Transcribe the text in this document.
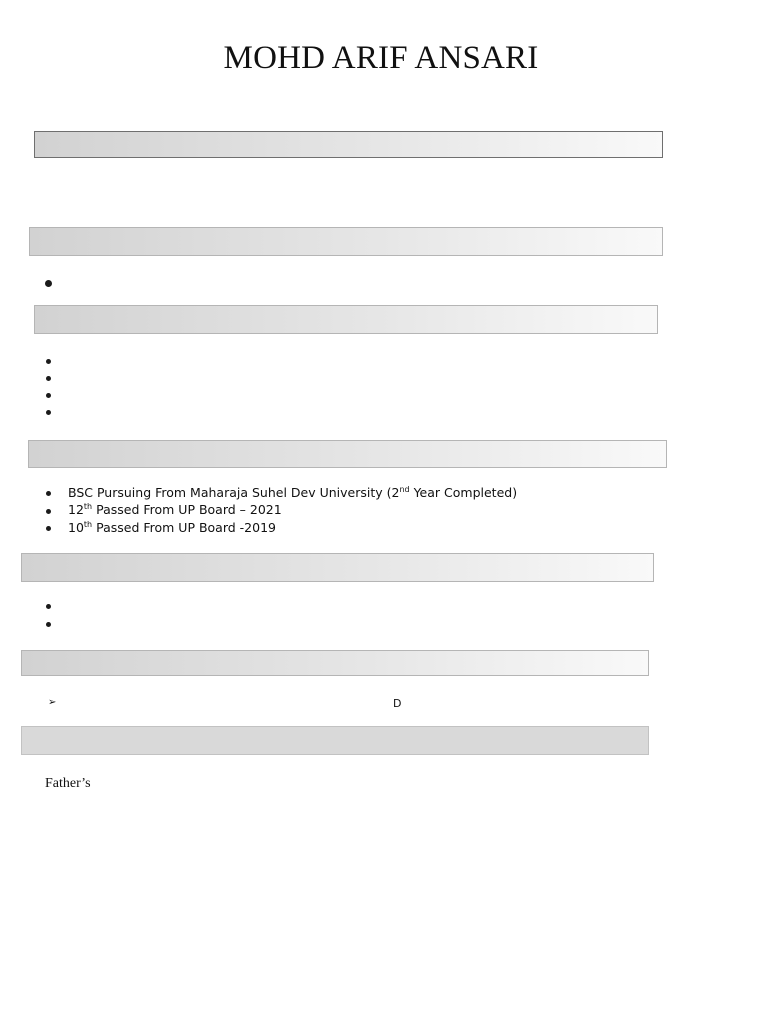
MOHD ARIF ANSARI
BSC Pursuing From Maharaja Suhel Dev University (2nd Year Completed)
12th Passed From UP Board – 2021
10th Passed From UP Board -2019
➢	D
Father’s
